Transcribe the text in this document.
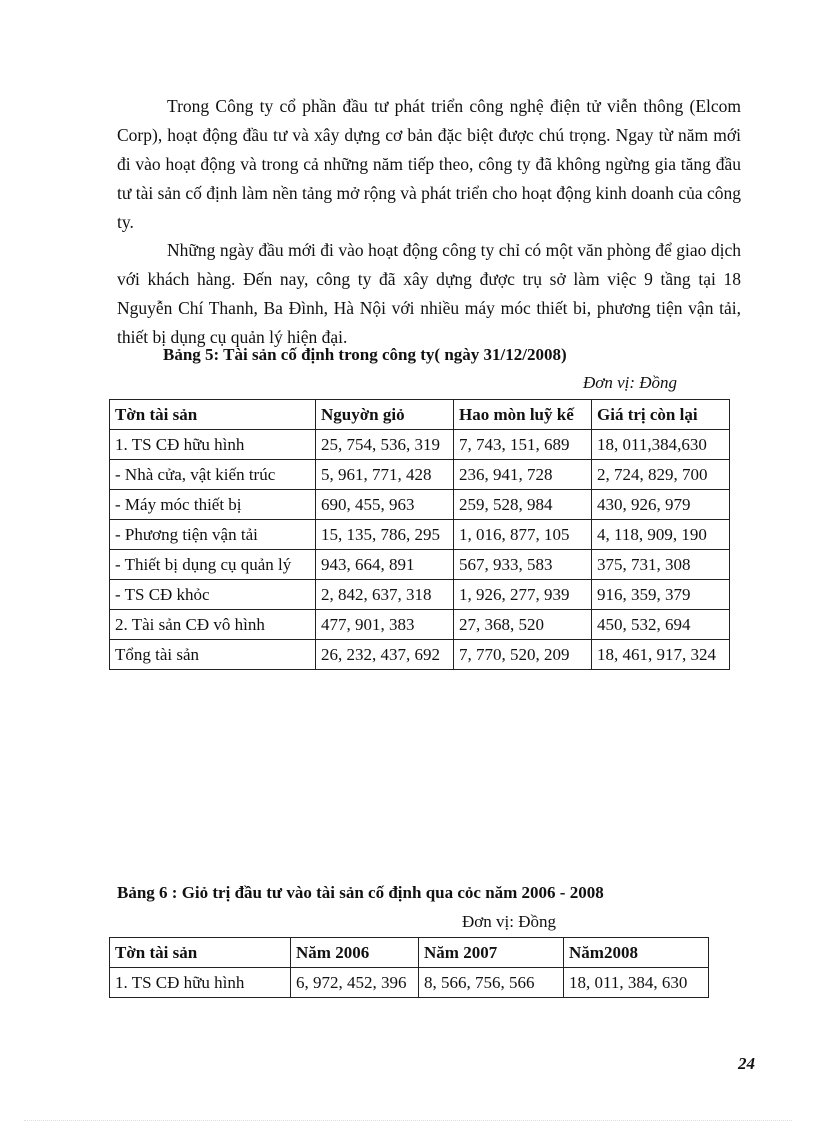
Trong Công ty cổ phần đầu tư phát triển công nghệ điện tử viễn thông (Elcom Corp), hoạt động đầu tư và xây dựng cơ bản đặc biệt được chú trọng. Ngay từ năm mới đi vào hoạt động và trong cả những năm tiếp theo, công ty đã không ngừng gia tăng đầu tư tài sản cố định làm nền tảng mở rộng và phát triển cho hoạt động kinh doanh của công ty.

Những ngày đầu mới đi vào hoạt động công ty chỉ có một văn phòng để giao dịch với khách hàng. Đến nay, công ty đã xây dựng được trụ sở làm việc 9 tầng tại 18 Nguyễn Chí Thanh, Ba Đình, Hà Nội với nhiều máy móc thiết bi, phương tiện vận tải, thiết bị dụng cụ quản lý hiện đại.

Bảng 5: Tài sản cố định trong công ty( ngày 31/12/2008)

Đơn vị: Đồng

Tờn tài sản	Nguyờn giỏ	Hao mòn luỹ kế	Giá trị còn lại
1. TS CĐ hữu hình	25, 754, 536, 319	7, 743, 151, 689	18, 011,384,630
- Nhà cửa, vật kiến trúc	5, 961, 771, 428	236, 941, 728	2, 724, 829, 700
- Máy móc thiết bị	690, 455, 963	259, 528, 984	430, 926, 979
- Phương tiện vận tải	15, 135, 786, 295	1, 016, 877, 105	4, 118, 909, 190
- Thiết bị dụng cụ quản lý	943, 664, 891	567, 933, 583	375, 731, 308
- TS CĐ khỏc	2, 842, 637, 318	1, 926, 277, 939	916, 359, 379
2. Tài sản CĐ vô hình	477, 901, 383	27, 368, 520	450, 532, 694
Tổng tài sản	26, 232, 437, 692	7, 770, 520, 209	18, 461, 917, 324

Bảng 6 : Giỏ trị đầu tư vào tài sản cố định qua cỏc năm 2006 - 2008

Đơn vị: Đồng

Tờn tài sản	Năm 2006	Năm 2007	Năm2008
1. TS CĐ hữu hình	6, 972, 452, 396	8, 566, 756, 566	18, 011, 384, 630

24
